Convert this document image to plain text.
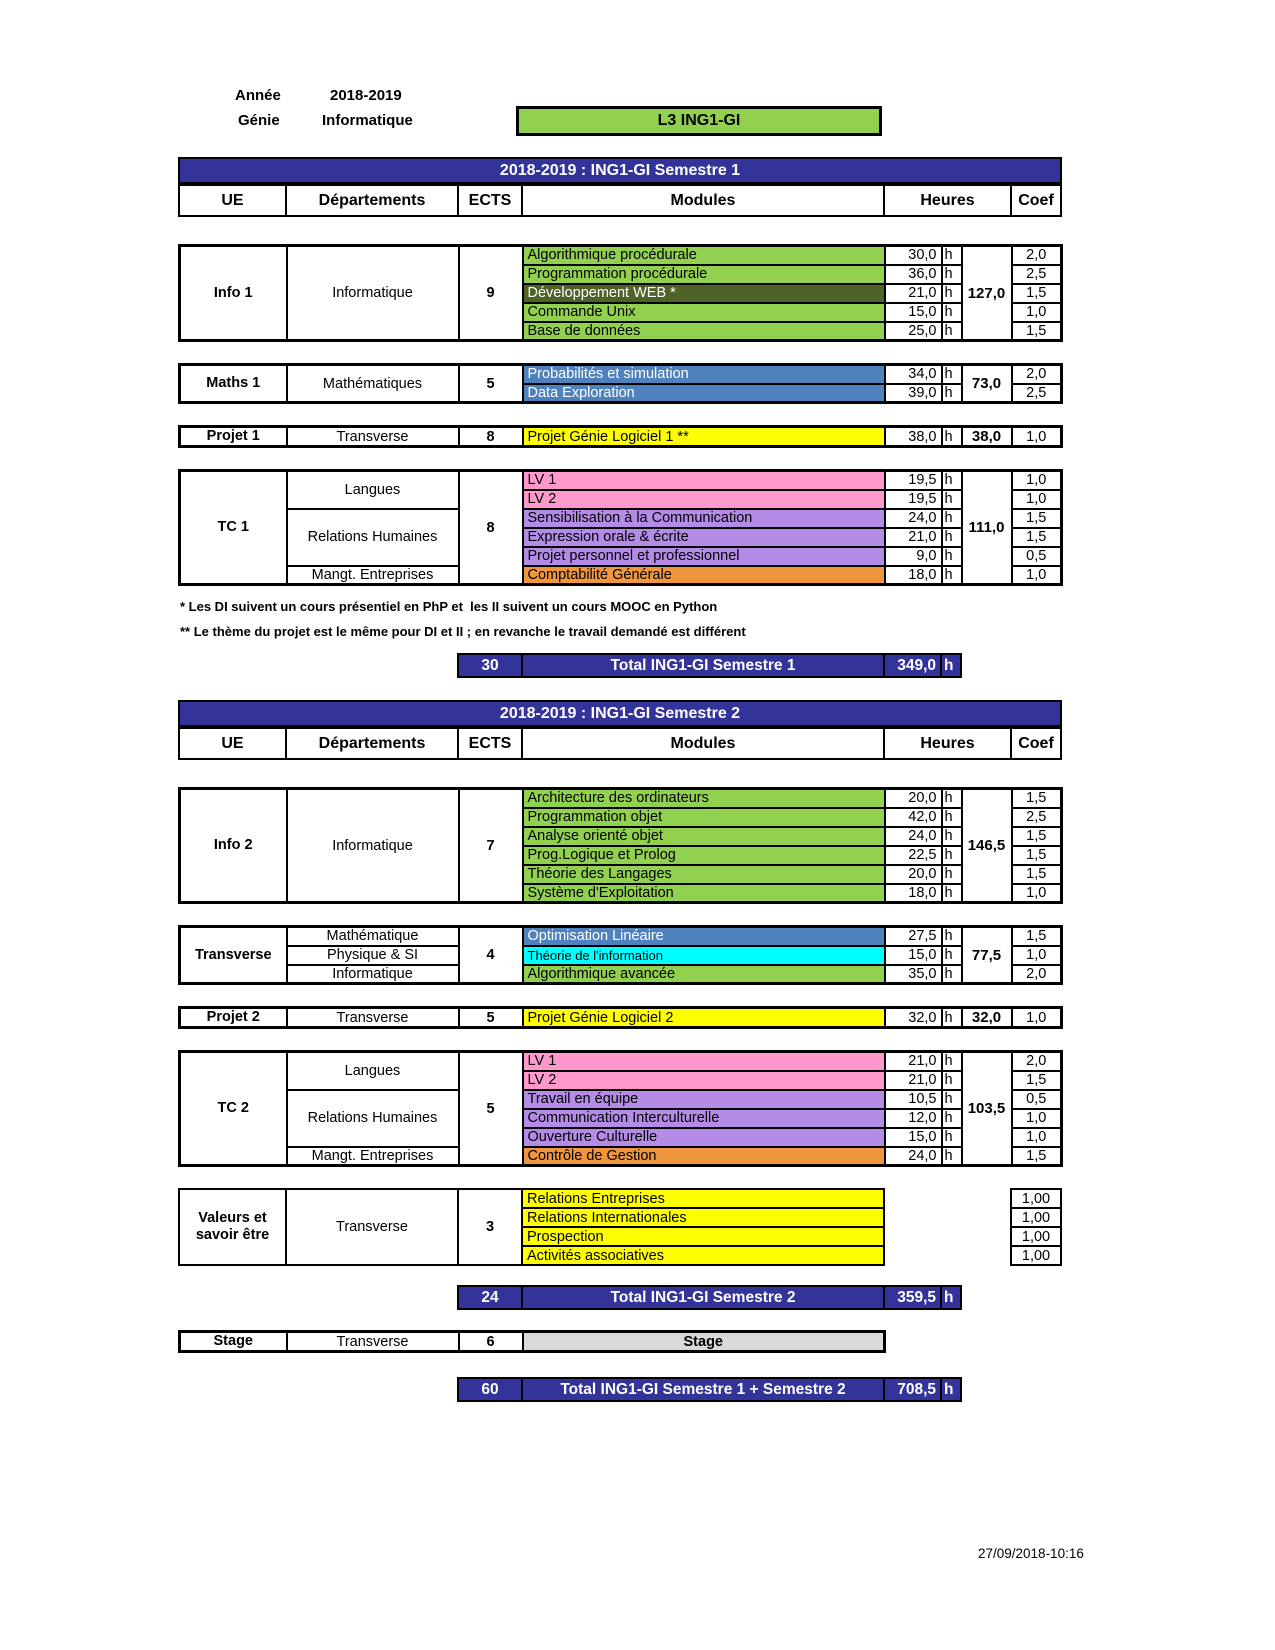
Année	2018-2019
Génie	Informatique	L3 ING1-GI
2018-2019 : ING1-GI Semestre 1
UE	Départements	ECTS	Modules	Heures	Coef
Info 1	Informatique	9	Algorithmique procédurale	30,0	h	127,0	2,0
			Programmation procédurale	36,0	h		2,5
			Développement WEB *	21,0	h		1,5
			Commande Unix	15,0	h		1,0
			Base de données	25,0	h		1,5
Maths 1	Mathématiques	5	Probabilités et simulation	34,0	h	73,0	2,0
			Data Exploration	39,0	h		2,5
Projet 1	Transverse	8	Projet Génie Logiciel 1 **	38,0	h	38,0	1,0
TC 1	Langues	8	LV 1	19,5	h	111,0	1,0
			LV 2	19,5	h		1,0
	Relations Humaines		Sensibilisation à la Communication	24,0	h		1,5
			Expression orale & écrite	21,0	h		1,5
			Projet personnel et professionnel	9,0	h		0,5
	Mangt. Entreprises		Comptabilité Générale	18,0	h		1,0

* Les DI suivent un cours présentiel en PhP et  les II suivent un cours MOOC en Python

** Le thème du projet est le même pour DI et II ; en revanche le travail demandé est différent

30	Total ING1-GI Semestre 1	349,0	h
2018-2019 : ING1-GI Semestre 2
UE	Départements	ECTS	Modules	Heures	Coef
Info 2	Informatique	7	Architecture des ordinateurs	20,0	h	146,5	1,5
			Programmation objet	42,0	h		2,5
			Analyse orienté objet	24,0	h		1,5
			Prog.Logique et Prolog	22,5	h		1,5
			Théorie des Langages	20,0	h		1,5
			Système d'Exploitation	18,0	h		1,0
Transverse	Mathématique	4	Optimisation Linéaire	27,5	h	77,5	1,5
	Physique & SI		Théorie de l'information	15,0	h		1,0
	Informatique		Algorithmique avancée	35,0	h		2,0
Projet 2	Transverse	5	Projet Génie Logiciel 2	32,0	h	32,0	1,0
TC 2	Langues	5	LV 1	21,0	h	103,5	2,0
			LV 2	21,0	h		1,5
	Relations Humaines		Travail en équipe	10,5	h		0,5
			Communication Interculturelle	12,0	h		1,0
			Ouverture Culturelle	15,0	h		1,0
	Mangt. Entreprises		Contrôle de Gestion	24,0	h		1,5
Valeurs et savoir être	Transverse	3	Relations Entreprises		1,00
			Relations Internationales		1,00
			Prospection		1,00
			Activités associatives		1,00
24	Total ING1-GI Semestre 2	359,5	h
Stage	Transverse	6	Stage
60	Total ING1-GI Semestre 1 + Semestre 2	708,5	h
27/09/2018-10:16
